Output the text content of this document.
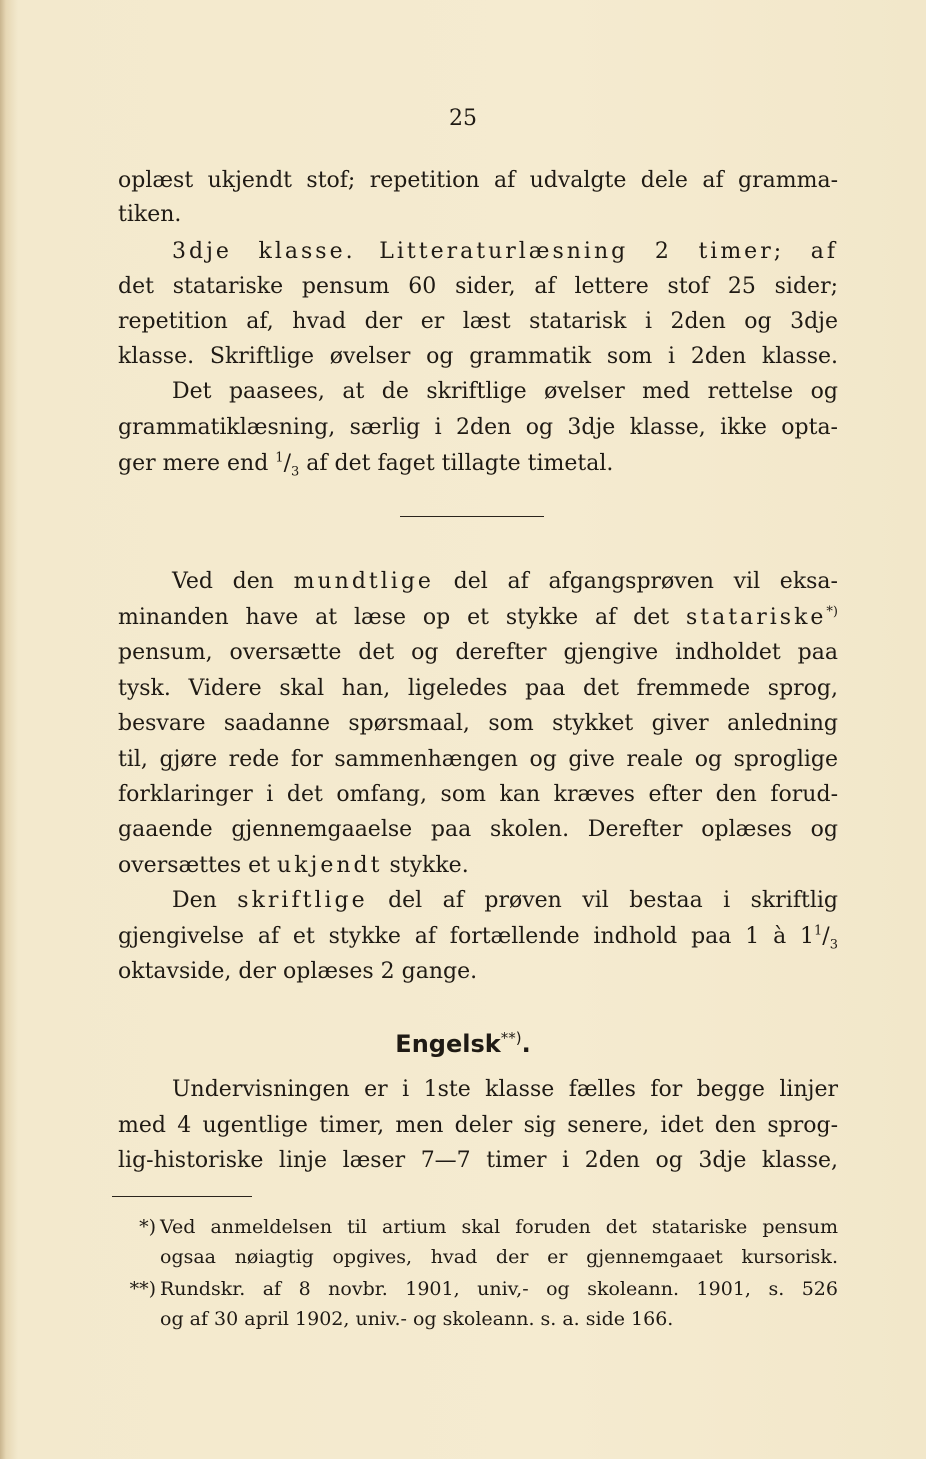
25
oplæst ukjendt stof; repetition af udvalgte dele af gramma-
tiken.
3dje klasse. Litteraturlæsning 2 timer; af
det statariske pensum 60 sider, af lettere stof 25 sider;
repetition af, hvad der er læst statarisk i 2den og 3dje
klasse. Skriftlige øvelser og grammatik som i 2den klasse.
Det paasees, at de skriftlige øvelser med rettelse og
grammatiklæsning, særlig i 2den og 3dje klasse, ikke opta-
ger mere end $^1/_3$ af det faget tillagte timetal.
Ved den mundtlige del af afgangsprøven vil eksa-
minanden have at læse op et stykke af det statariske*)
pensum, oversætte det og derefter gjengive indholdet paa
tysk. Videre skal han, ligeledes paa det fremmede sprog,
besvare saadanne spørsmaal, som stykket giver anledning
til, gjøre rede for sammenhængen og give reale og sproglige
forklaringer i det omfang, som kan kræves efter den forud-
gaaende gjennemgaaelse paa skolen. Derefter oplæses og
oversættes et ukjendt stykke.
Den skriftlige del af prøven vil bestaa i skriftlig
gjengivelse af et stykke af fortællende indhold paa 1 à $1^1/_3$
oktavside, der oplæses 2 gange.
Engelsk**).
Undervisningen er i 1ste klasse fælles for begge linjer
med 4 ugentlige timer, men deler sig senere, idet den sprog-
lig-historiske linje læser 7—7 timer i 2den og 3dje klasse,
*) Ved anmeldelsen til artium skal foruden det statariske pensum
ogsaa nøiagtig opgives, hvad der er gjennemgaaet kursorisk.
**) Rundskr. af 8 novbr. 1901, univ,- og skoleann. 1901, s. 526
og af 30 april 1902, univ.- og skoleann. s. a. side 166.
